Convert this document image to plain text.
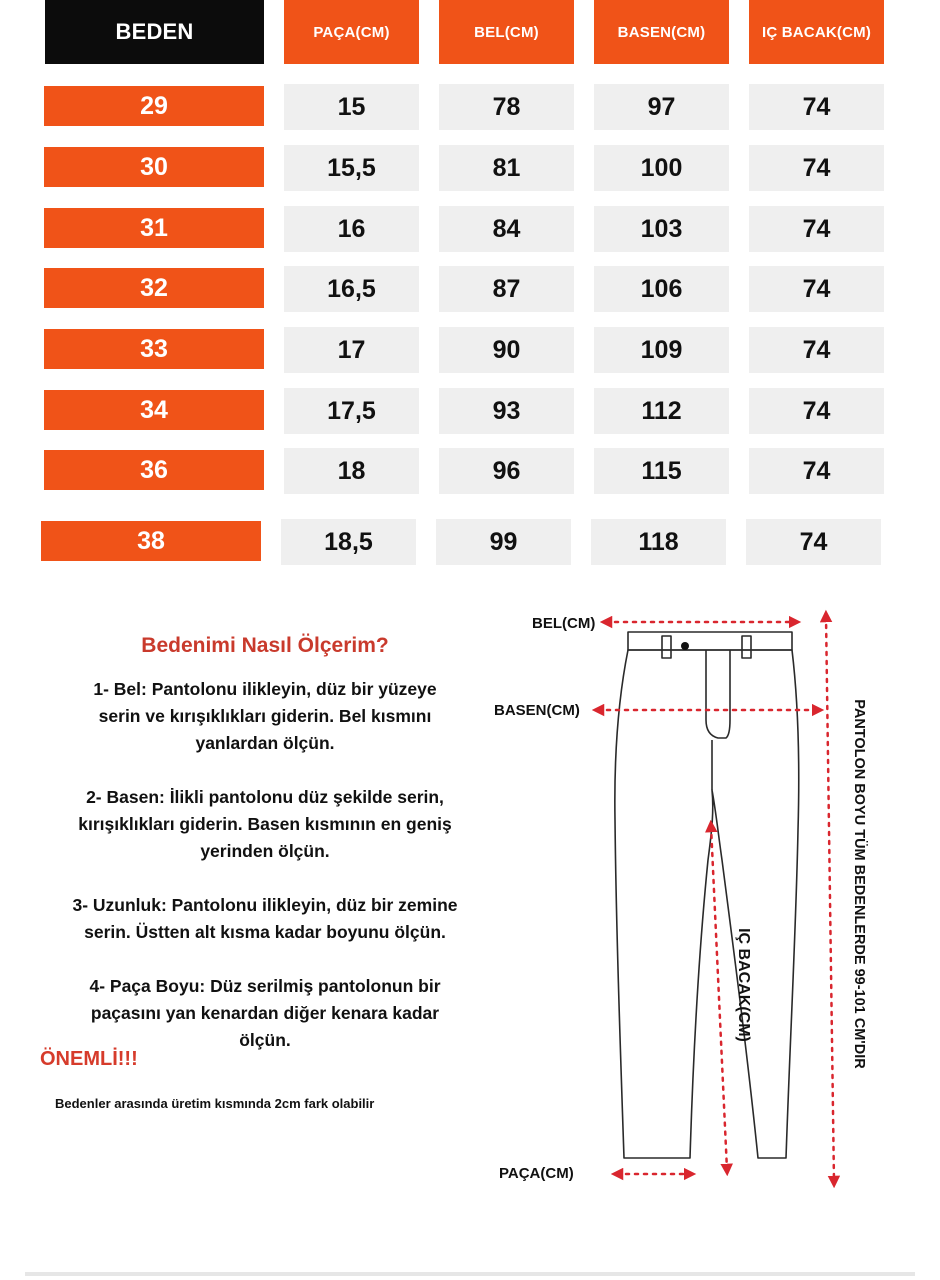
BEDEN	PAÇA(CM)	BEL(CM)	BASEN(CM)	IÇ BACAK(CM)
29	15	78	97	74
30	15,5	81	100	74
31	16	84	103	74
32	16,5	87	106	74
33	17	90	109	74
34	17,5	93	112	74
36	18	96	115	74
38	18,5	99	118	74
Bedenimi Nasıl Ölçerim?
1- Bel: Pantolonu ilikleyin, düz bir yüzeye
serin ve kırışıklıkları giderin. Bel kısmını
yanlardan ölçün.
2- Basen: İlikli pantolonu düz şekilde serin,
kırışıklıkları giderin. Basen kısmının en geniş
yerinden ölçün.
3- Uzunluk: Pantolonu ilikleyin, düz bir zemine
serin. Üstten alt kısma kadar boyunu ölçün.
4- Paça Boyu: Düz serilmiş pantolonun bir
paçasını yan kenardan diğer kenara kadar
ölçün.
ÖNEMLİ!!!
Bedenler arasında üretim kısmında 2cm fark olabilir
BEL(CM)
BASEN(CM)
PAÇA(CM)
IÇ BACAK(CM)	PANTOLON BOYU TÜM BEDENLERDE 99-101 CM'DIR
